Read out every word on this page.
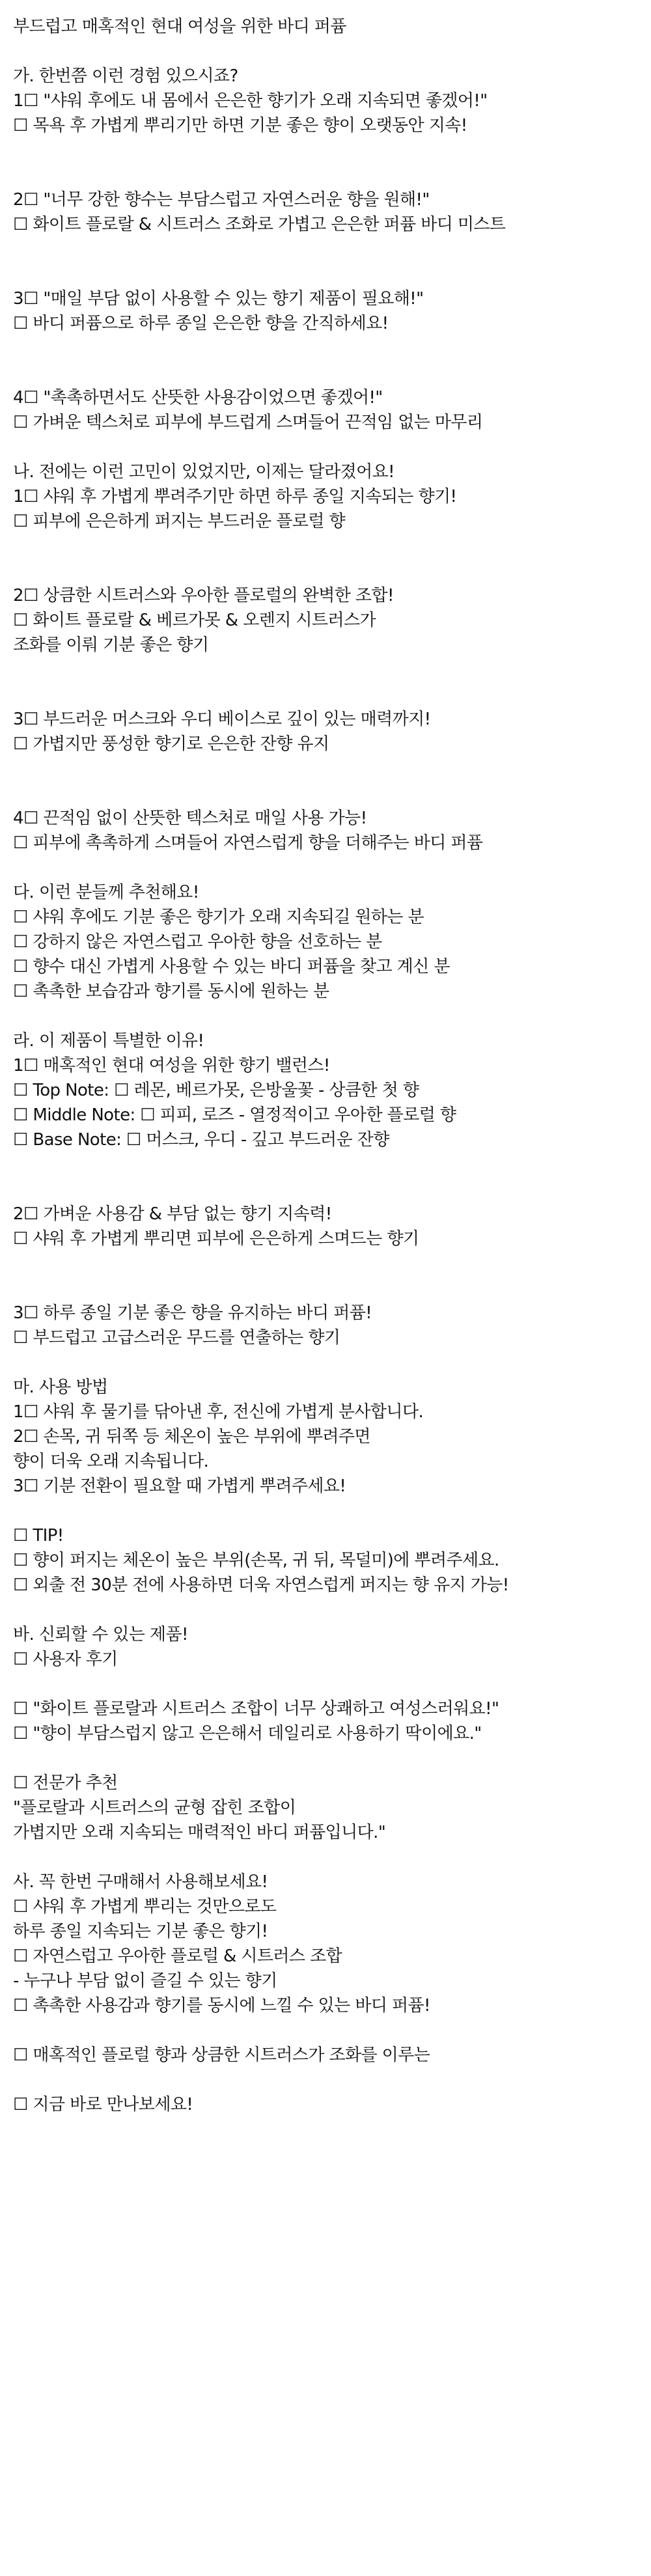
부드럽고 매혹적인 현대 여성을 위한 바디 퍼퓸
가. 한번쯤 이런 경험 있으시죠?
1☐ "샤워 후에도 내 몸에서 은은한 향기가 오래 지속되면 좋겠어!"
☐ 목욕 후 가볍게 뿌리기만 하면 기분 좋은 향이 오랫동안 지속!
2☐ "너무 강한 향수는 부담스럽고 자연스러운 향을 원해!"
☐ 화이트 플로랄 & 시트러스 조화로 가볍고 은은한 퍼퓸 바디 미스트
3☐ "매일 부담 없이 사용할 수 있는 향기 제품이 필요해!"
☐ 바디 퍼퓸으로 하루 종일 은은한 향을 간직하세요!
4☐ "촉촉하면서도 산뜻한 사용감이었으면 좋겠어!"
☐ 가벼운 텍스처로 피부에 부드럽게 스며들어 끈적임 없는 마무리
나. 전에는 이런 고민이 있었지만, 이제는 달라졌어요!
1☐ 샤워 후 가볍게 뿌려주기만 하면 하루 종일 지속되는 향기!
☐ 피부에 은은하게 퍼지는 부드러운 플로럴 향
2☐ 상큼한 시트러스와 우아한 플로럴의 완벽한 조합!
☐ 화이트 플로랄 & 베르가못 & 오렌지 시트러스가
조화를 이뤄 기분 좋은 향기
3☐ 부드러운 머스크와 우디 베이스로 깊이 있는 매력까지!
☐ 가볍지만 풍성한 향기로 은은한 잔향 유지
4☐ 끈적임 없이 산뜻한 텍스처로 매일 사용 가능!
☐ 피부에 촉촉하게 스며들어 자연스럽게 향을 더해주는 바디 퍼퓸
다. 이런 분들께 추천해요!
☐ 샤워 후에도 기분 좋은 향기가 오래 지속되길 원하는 분
☐ 강하지 않은 자연스럽고 우아한 향을 선호하는 분
☐ 향수 대신 가볍게 사용할 수 있는 바디 퍼퓸을 찾고 계신 분
☐ 촉촉한 보습감과 향기를 동시에 원하는 분
라. 이 제품이 특별한 이유!
1☐ 매혹적인 현대 여성을 위한 향기 밸런스!
☐ Top Note: ☐ 레몬, 베르가못, 은방울꽃 - 상큼한 첫 향
☐ Middle Note: ☐ 피피, 로즈 - 열정적이고 우아한 플로럴 향
☐ Base Note: ☐ 머스크, 우디 - 깊고 부드러운 잔향
2☐ 가벼운 사용감 & 부담 없는 향기 지속력!
☐ 샤워 후 가볍게 뿌리면 피부에 은은하게 스며드는 향기
3☐ 하루 종일 기분 좋은 향을 유지하는 바디 퍼퓸!
☐ 부드럽고 고급스러운 무드를 연출하는 향기
마. 사용 방법
1☐ 샤워 후 물기를 닦아낸 후, 전신에 가볍게 분사합니다.
2☐ 손목, 귀 뒤쪽 등 체온이 높은 부위에 뿌려주면
향이 더욱 오래 지속됩니다.
3☐ 기분 전환이 필요할 때 가볍게 뿌려주세요!
☐ TIP!
☐ 향이 퍼지는 체온이 높은 부위(손목, 귀 뒤, 목덜미)에 뿌려주세요.
☐ 외출 전 30분 전에 사용하면 더욱 자연스럽게 퍼지는 향 유지 가능!
바. 신뢰할 수 있는 제품!
☐ 사용자 후기
☐ "화이트 플로랄과 시트러스 조합이 너무 상쾌하고 여성스러워요!"
☐ "향이 부담스럽지 않고 은은해서 데일리로 사용하기 딱이에요."
☐ 전문가 추천
"플로랄과 시트러스의 균형 잡힌 조합이
가볍지만 오래 지속되는 매력적인 바디 퍼퓸입니다."
사. 꼭 한번 구매해서 사용해보세요!
☐ 샤워 후 가볍게 뿌리는 것만으로도
하루 종일 지속되는 기분 좋은 향기!
☐ 자연스럽고 우아한 플로럴 & 시트러스 조합
- 누구나 부담 없이 즐길 수 있는 향기
☐ 촉촉한 사용감과 향기를 동시에 느낄 수 있는 바디 퍼퓸!
☐ 매혹적인 플로럴 향과 상큼한 시트러스가 조화를 이루는
☐ 지금 바로 만나보세요!
